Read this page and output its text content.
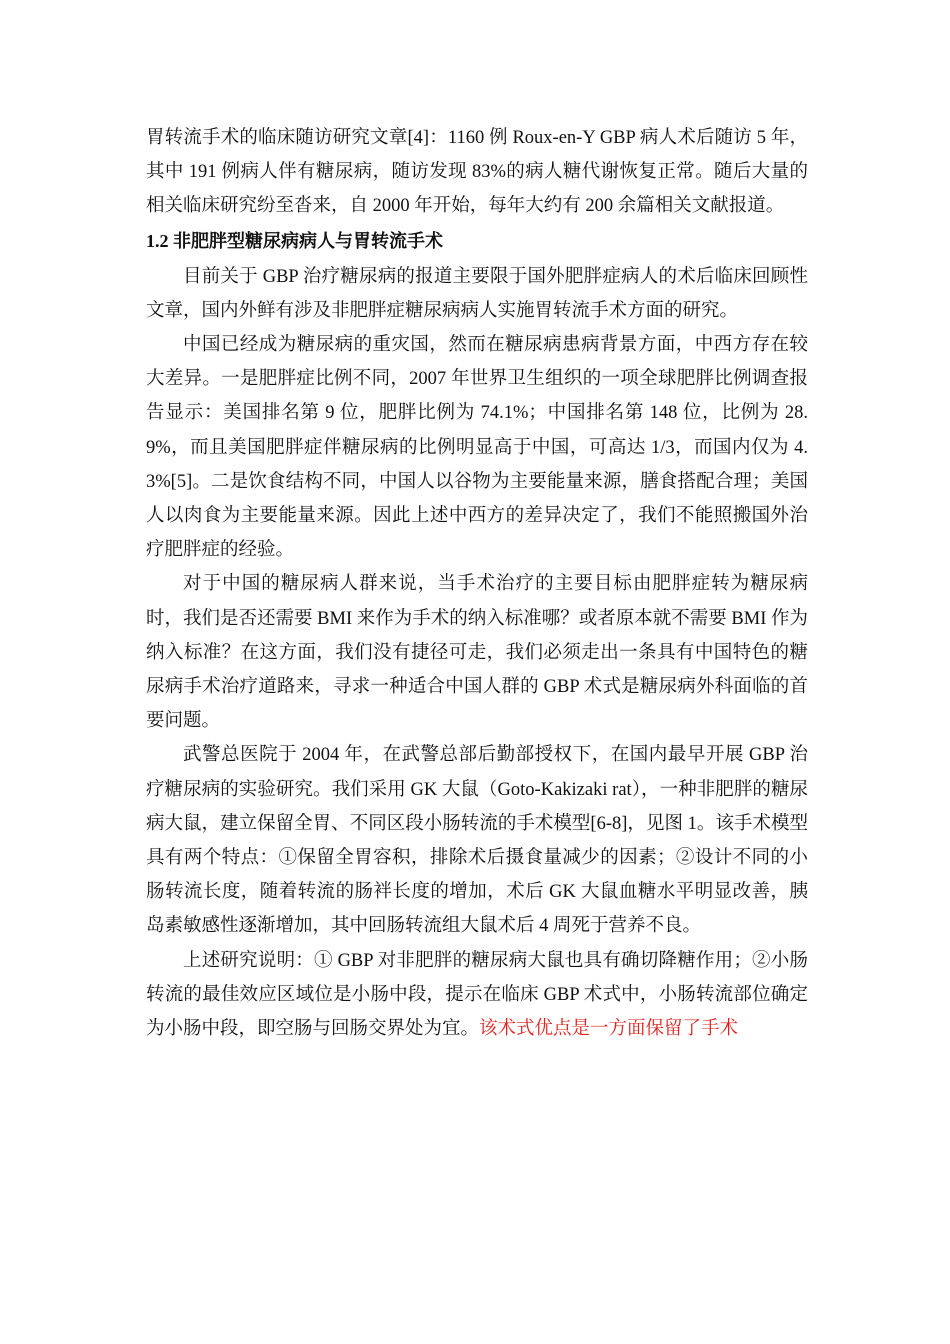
胃转流手术的临床随访研究文章[4]：1160 例 Roux-en-Y GBP 病人术后随访 5 年，其中 191 例病人伴有糖尿病，随访发现 83%的病人糖代谢恢复正常。随后大量的相关临床研究纷至沓来，自 2000 年开始，每年大约有 200 余篇相关文献报道。

1.2 非肥胖型糖尿病病人与胃转流手术

目前关于 GBP 治疗糖尿病的报道主要限于国外肥胖症病人的术后临床回顾性文章，国内外鲜有涉及非肥胖症糖尿病病人实施胃转流手术方面的研究。

中国已经成为糖尿病的重灾国，然而在糖尿病患病背景方面，中西方存在较大差异。一是肥胖症比例不同，2007 年世界卫生组织的一项全球肥胖比例调查报告显示：美国排名第 9 位，肥胖比例为 74.1%；中国排名第 148 位，比例为 28.9%，而且美国肥胖症伴糖尿病的比例明显高于中国，可高达 1/3，而国内仅为 4.3%[5]。二是饮食结构不同，中国人以谷物为主要能量来源，膳食搭配合理；美国人以肉食为主要能量来源。因此上述中西方的差异决定了，我们不能照搬国外治疗肥胖症的经验。

对于中国的糖尿病人群来说，当手术治疗的主要目标由肥胖症转为糖尿病时，我们是否还需要 BMI 来作为手术的纳入标准哪？或者原本就不需要 BMI 作为纳入标准？在这方面，我们没有捷径可走，我们必须走出一条具有中国特色的糖尿病手术治疗道路来，寻求一种适合中国人群的 GBP 术式是糖尿病外科面临的首要问题。

武警总医院于 2004 年，在武警总部后勤部授权下，在国内最早开展 GBP 治疗糖尿病的实验研究。我们采用 GK 大鼠（Goto-Kakizaki rat），一种非肥胖的糖尿病大鼠，建立保留全胃、不同区段小肠转流的手术模型[6-8]，见图 1。该手术模型具有两个特点：①保留全胃容积，排除术后摄食量减少的因素；②设计不同的小肠转流长度，随着转流的肠袢长度的增加，术后 GK 大鼠血糖水平明显改善，胰岛素敏感性逐渐增加，其中回肠转流组大鼠术后 4 周死于营养不良。

上述研究说明：① GBP 对非肥胖的糖尿病大鼠也具有确切降糖作用；②小肠转流的最佳效应区域位是小肠中段，提示在临床 GBP 术式中，小肠转流部位确定为小肠中段，即空肠与回肠交界处为宜。该术式优点是一方面保留了手术
